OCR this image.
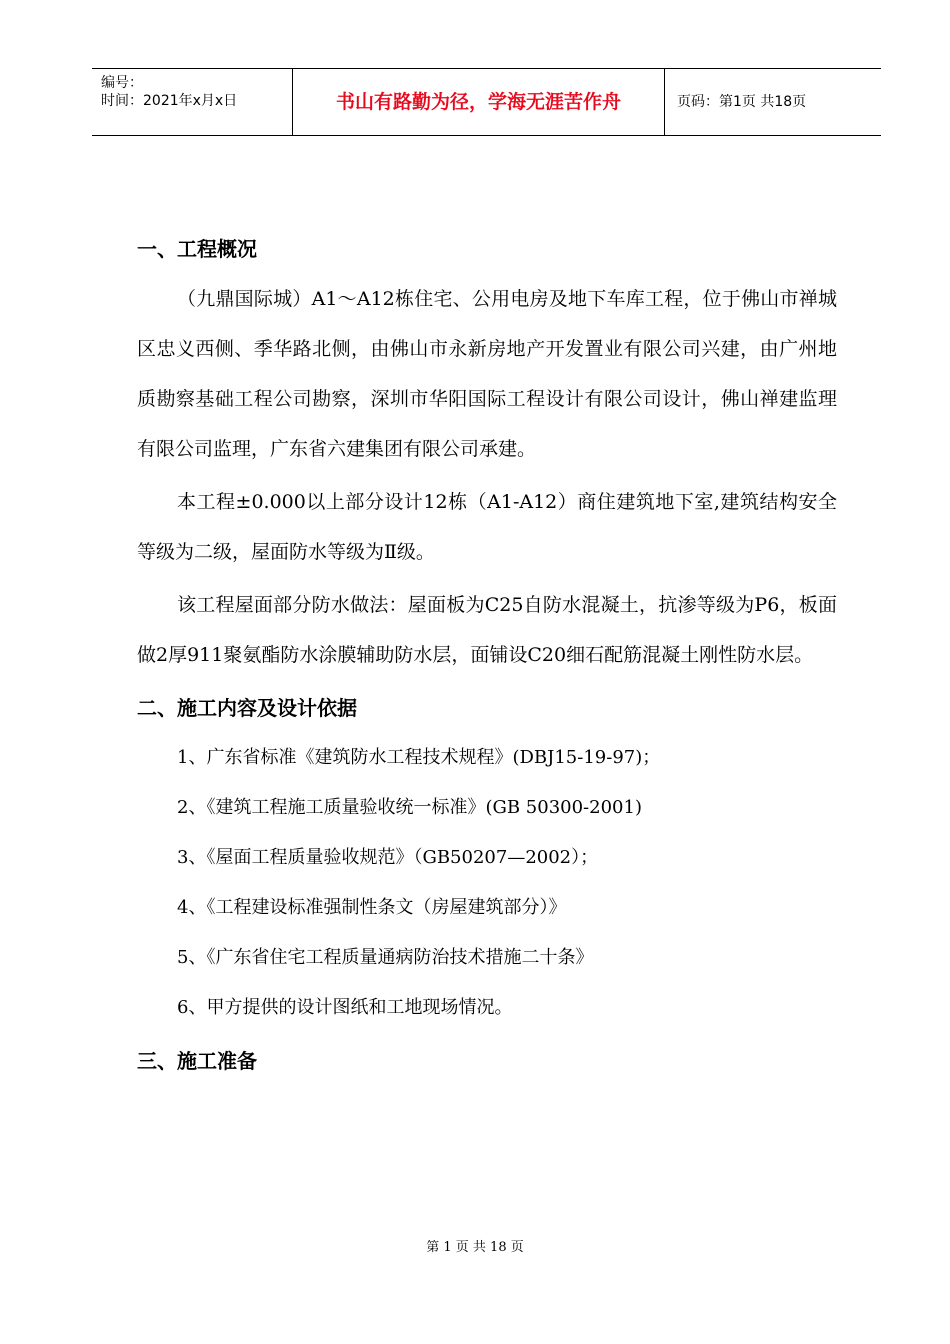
编号：
时间：2021年x月x日	书山有路勤为径，学海无涯苦作舟	页码：第1页 共18页
一、工程概况

（九鼎国际城）A1～A12栋住宅、公用电房及地下车库工程，位于佛山市禅城区忠义西侧、季华路北侧，由佛山市永新房地产开发置业有限公司兴建，由广州地质勘察基础工程公司勘察，深圳市华阳国际工程设计有限公司设计，佛山禅建监理有限公司监理，广东省六建集团有限公司承建。

本工程±0.000以上部分设计12栋（A1-A12）商住建筑地下室,建筑结构安全等级为二级，屋面防水等级为Ⅱ级。

该工程屋面部分防水做法：屋面板为C25自防水混凝土，抗渗等级为P6，板面做2厚911聚氨酯防水涂膜辅助防水层，面铺设C20细石配筋混凝土刚性防水层。

二、施工内容及设计依据

1、广东省标准《建筑防水工程技术规程》(DBJ15-19-97)；

2、《建筑工程施工质量验收统一标准》(GB 50300-2001)

3、《屋面工程质量验收规范》（GB50207—2002）；

4、《工程建设标准强制性条文（房屋建筑部分）》

5、《广东省住宅工程质量通病防治技术措施二十条》

6、甲方提供的设计图纸和工地现场情况。

三、施工准备
第 1 页 共 18 页
